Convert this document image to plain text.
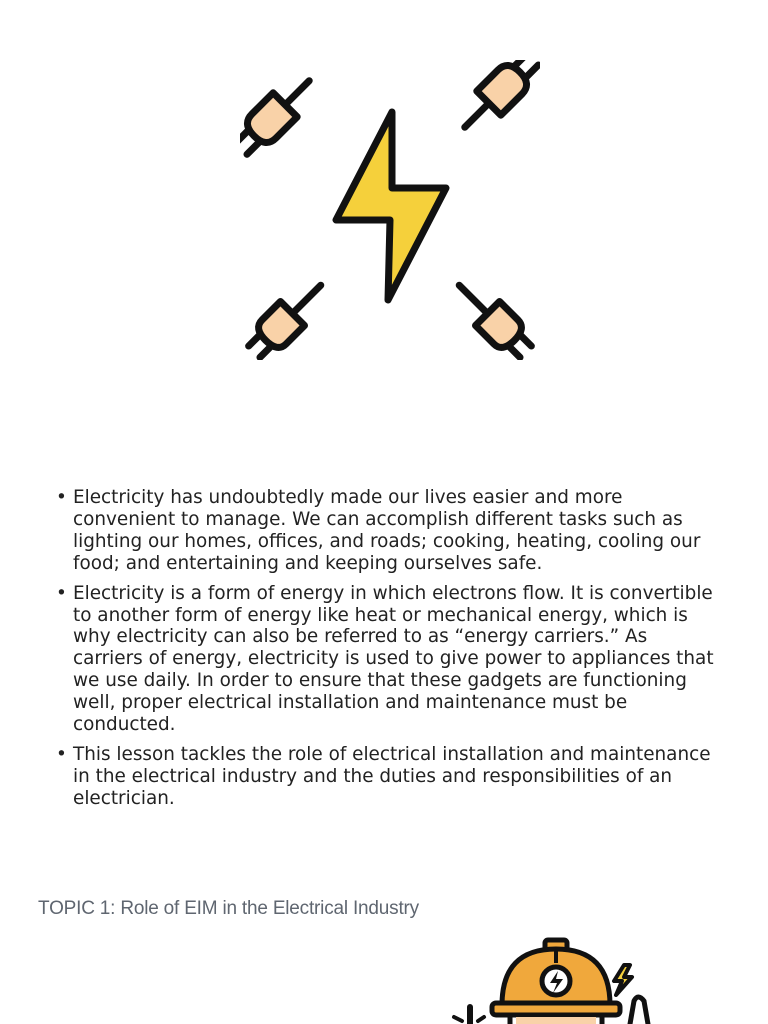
• Electricity has undoubtedly made our lives easier and more convenient to manage. We can accomplish different tasks such as lighting our homes, offices, and roads; cooking, heating, cooling our food; and entertaining and keeping ourselves safe.
• Electricity is a form of energy in which electrons flow. It is convertible to another form of energy like heat or mechanical energy, which is why electricity can also be referred to as “energy carriers.” As carriers of energy, electricity is used to give power to appliances that we use daily. In order to ensure that these gadgets are functioning well, proper electrical installation and maintenance must be conducted.
• This lesson tackles the role of electrical installation and maintenance in the electrical industry and the duties and responsibilities of an electrician.
TOPIC 1: Role of EIM in the Electrical Industry
